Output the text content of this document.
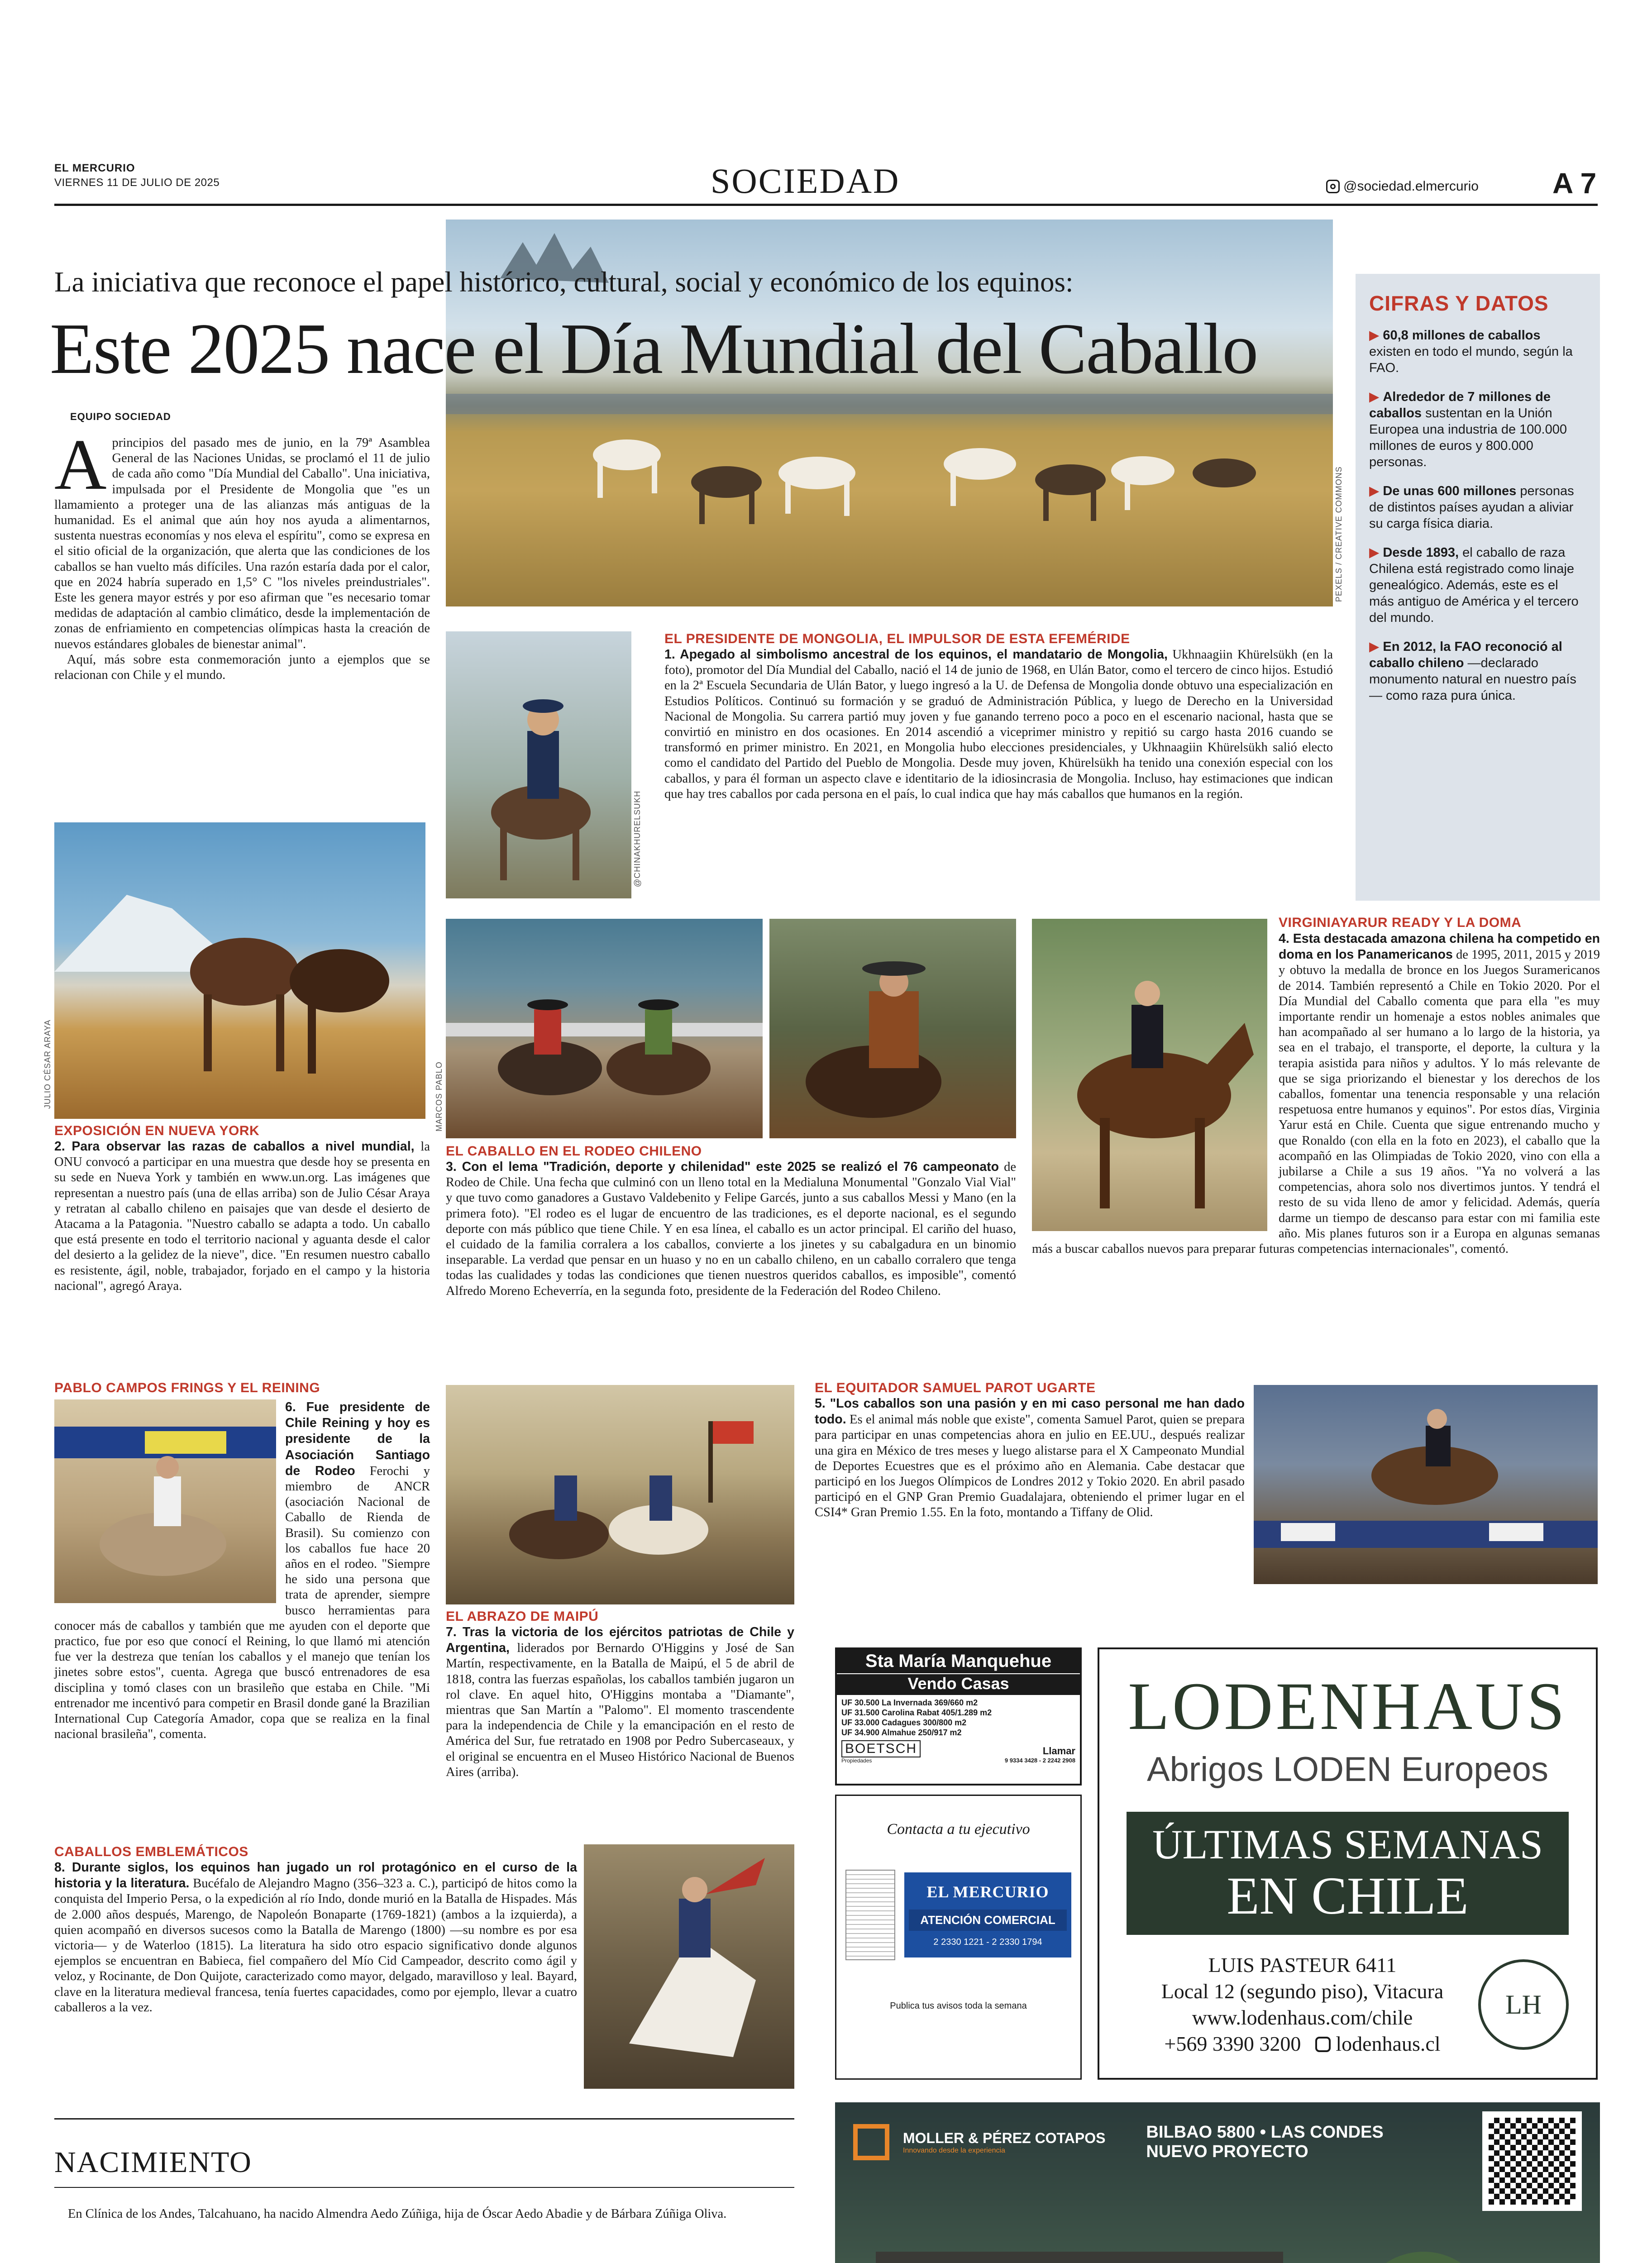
EL MERCURIO
VIERNES 11 DE JULIO DE 2025	SOCIEDAD	@sociedad.elmercurio	A 7
La iniciativa que reconoce el papel histórico, cultural, social y económico de los equinos:
Este 2025 nace el Día Mundial del Caballo
PEXELS / CREATIVE COMMONS
EQUIPO SOCIEDAD
Aprincipios del pasado mes de junio, en la 79ª Asamblea General de las Naciones Unidas, se proclamó el 11 de julio de cada año como "Día Mundial del Caballo". Una iniciativa, impulsada por el Presidente de Mongolia que "es un llamamiento a proteger una de las alianzas más antiguas de la humanidad. Es el animal que aún hoy nos ayuda a alimentarnos, sustenta nuestras economías y nos eleva el espíritu", como se expresa en el sitio oficial de la organización, que alerta que las condiciones de los caballos se han vuelto más difíciles. Una razón estaría dada por el calor, que en 2024 habría superado en 1,5° C "los niveles preindustriales". Este les genera mayor estrés y por eso afirman que "es necesario tomar medidas de adaptación al cambio climático, desde la implementación de zonas de enfriamiento en competencias olímpicas hasta la creación de nuevos estándares globales de bienestar animal".
Aquí, más sobre esta conmemoración junto a ejemplos que se relacionan con Chile y el mundo.
CIFRAS Y DATOS
▶ 60,8 millones de caballos existen en todo el mundo, según la FAO.
▶ Alrededor de 7 millones de caballos sustentan en la Unión Europea una industria de 100.000 millones de euros y 800.000 personas.
▶ De unas 600 millones personas de distintos países ayudan a aliviar su carga física diaria.
▶ Desde 1893, el caballo de raza Chilena está registrado como linaje genealógico. Además, este es el más antiguo de América y el tercero del mundo.
▶ En 2012, la FAO reconoció al caballo chileno —declarado monumento natural en nuestro país— como raza pura única.
@CHINAKHURELSUKH
EL PRESIDENTE DE MONGOLIA, EL IMPULSOR DE ESTA EFEMÉRIDE
1. Apegado al simbolismo ancestral de los equinos, el mandatario de Mongolia, Ukhnaagiin Khürelsükh (en la foto), promotor del Día Mundial del Caballo, nació el 14 de junio de 1968, en Ulán Bator, como el tercero de cinco hijos. Estudió en la 2ª Escuela Secundaria de Ulán Bator, y luego ingresó a la U. de Defensa de Mongolia donde obtuvo una especialización en Estudios Políticos. Continuó su formación y se graduó de Administración Pública, y luego de Derecho en la Universidad Nacional de Mongolia. Su carrera partió muy joven y fue ganando terreno poco a poco en el escenario nacional, hasta que se convirtió en ministro en dos ocasiones. En 2014 ascendió a viceprimer ministro y repitió su cargo hasta 2016 cuando se transformó en primer ministro. En 2021, en Mongolia hubo elecciones presidenciales, y Ukhnaagiin Khürelsükh salió electo como el candidato del Partido del Pueblo de Mongolia. Desde muy joven, Khürelsükh ha tenido una conexión especial con los caballos, y para él forman un aspecto clave e identitario de la idiosincrasia de Mongolia. Incluso, hay estimaciones que indican que hay tres caballos por cada persona en el país, lo cual indica que hay más caballos que humanos en la región.
JULIO CÉSAR ARAYA
EXPOSICIÓN EN NUEVA YORK
2. Para observar las razas de caballos a nivel mundial, la ONU convocó a participar en una muestra que desde hoy se presenta en su sede en Nueva York y también en www.un.org. Las imágenes que representan a nuestro país (una de ellas arriba) son de Julio César Araya y retratan al caballo chileno en paisajes que van desde el desierto de Atacama a la Patagonia. "Nuestro caballo se adapta a todo. Un caballo que está presente en todo el territorio nacional y aguanta desde el calor del desierto a la gelidez de la nieve", dice. "En resumen nuestro caballo es resistente, ágil, noble, trabajador, forjado en el campo y la historia nacional", agregó Araya.
MARCOS PABLO
EL CABALLO EN EL RODEO CHILENO
3. Con el lema "Tradición, deporte y chilenidad" este 2025 se realizó el 76 campeonato de Rodeo de Chile. Una fecha que culminó con un lleno total en la Medialuna Monumental "Gonzalo Vial Vial" y que tuvo como ganadores a Gustavo Valdebenito y Felipe Garcés, junto a sus caballos Messi y Mano (en la primera foto). "El rodeo es el lugar de encuentro de las tradiciones, es el deporte nacional, es el segundo deporte con más público que tiene Chile. Y en esa línea, el caballo es un actor principal. El cariño del huaso, el cuidado de la familia corralera a los caballos, convierte a los jinetes y su cabalgadura en un binomio inseparable. La verdad que pensar en un huaso y no en un caballo chileno, en un caballo corralero que tenga todas las cualidades y todas las condiciones que tienen nuestros queridos caballos, es imposible", comentó Alfredo Moreno Echeverría, en la segunda foto, presidente de la Federación del Rodeo Chileno.
VIRGINIAYARUR READY Y LA DOMA
4. Esta destacada amazona chilena ha competido en doma en los Panamericanos de 1995, 2011, 2015 y 2019 y obtuvo la medalla de bronce en los Juegos Suramericanos de 2014. También representó a Chile en Tokio 2020. Por el Día Mundial del Caballo comenta que para ella "es muy importante rendir un homenaje a estos nobles animales que han acompañado al ser humano a lo largo de la historia, ya sea en el trabajo, el transporte, el deporte, la cultura y la terapia asistida para niños y adultos. Y lo más relevante de que se siga priorizando el bienestar y los derechos de los caballos, fomentar una tenencia responsable y una relación respetuosa entre humanos y equinos". Por estos días, Virginia Yarur está en Chile. Cuenta que sigue entrenando mucho y que Ronaldo (con ella en la foto en 2023), el caballo que la acompañó en las Olimpiadas de Tokio 2020, vino con ella a jubilarse a Chile a sus 19 años. "Ya no volverá a las competencias, ahora solo nos divertimos juntos. Y tendrá el resto de su vida lleno de amor y felicidad. Además, quería darme un tiempo de descanso para estar con mi familia este año. Mis planes futuros son ir a Europa en algunas semanas más a buscar caballos nuevos para preparar futuras competencias internacionales", comentó.
PABLO CAMPOS FRINGS Y EL REINING
6. Fue presidente de Chile Reining y hoy es presidente de la Asociación Santiago de Rodeo Ferochi y miembro de ANCR (asociación Nacional de Caballo de Rienda de Brasil). Su comienzo con los caballos fue hace 20 años en el rodeo. "Siempre he sido una persona que trata de aprender, siempre busco herramientas para conocer más de caballos y también que me ayuden con el deporte que practico, fue por eso que conocí el Reining, lo que llamó mi atención fue ver la destreza que tenían los caballos y el manejo que tenían los jinetes sobre estos", cuenta. Agrega que buscó entrenadores de esa disciplina y tomó clases con un brasileño que estaba en Chile. "Mi entrenador me incentivó para competir en Brasil donde gané la Brazilian International Cup Categoría Amador, copa que se realiza en la final nacional brasileña", comenta.
EL ABRAZO DE MAIPÚ
7. Tras la victoria de los ejércitos patriotas de Chile y Argentina, liderados por Bernardo O'Higgins y José de San Martín, respectivamente, en la Batalla de Maipú, el 5 de abril de 1818, contra las fuerzas españolas, los caballos también jugaron un rol clave. En aquel hito, O'Higgins montaba a "Diamante", mientras que San Martín a "Palomo". El momento trascendente para la independencia de Chile y la emancipación en el resto de América del Sur, fue retratado en 1908 por Pedro Subercaseaux, y el original se encuentra en el Museo Histórico Nacional de Buenos Aires (arriba).
EL EQUITADOR SAMUEL PAROT UGARTE
5. "Los caballos son una pasión y en mi caso personal me han dado todo. Es el animal más noble que existe", comenta Samuel Parot, quien se prepara para participar en unas competencias ahora en julio en EE.UU., después realizar una gira en México de tres meses y luego alistarse para el X Campeonato Mundial de Deportes Ecuestres que es el próximo año en Alemania. Cabe destacar que participó en los Juegos Olímpicos de Londres 2012 y Tokio 2020. En abril pasado participó en el GNP Gran Premio Guadalajara, obteniendo el primer lugar en el CSI4* Gran Premio 1.55. En la foto, montando a Tiffany de Olid.
CABALLOS EMBLEMÁTICOS
8. Durante siglos, los equinos han jugado un rol protagónico en el curso de la historia y la literatura. Bucéfalo de Alejandro Magno (356–323 a. C.), participó de hitos como la conquista del Imperio Persa, o la expedición al río Indo, donde murió en la Batalla de Hispades. Más de 2.000 años después, Marengo, de Napoleón Bonaparte (1769-1821) (ambos a la izquierda), a quien acompañó en diversos sucesos como la Batalla de Marengo (1800) —su nombre es por esa victoria— y de Waterloo (1815). La literatura ha sido otro espacio significativo donde algunos ejemplos se encuentran en Babieca, fiel compañero del Mío Cid Campeador, descrito como ágil y veloz, y Rocinante, de Don Quijote, caracterizado como mayor, delgado, maravilloso y leal. Bayard, clave en la literatura medieval francesa, tenía fuertes capacidades, como por ejemplo, llevar a cuatro caballeros a la vez.
NACIMIENTO
En Clínica de los Andes, Talcahuano, ha nacido Almendra Aedo Zúñiga, hija de Óscar Aedo Abadie y de Bárbara Zúñiga Oliva.
Sta María Manquehue
Vendo Casas
UF 30.500 La Invernada 369/660 m2
UF 31.500 Carolina Rabat 405/1.289 m2
UF 33.000 Cadagues 300/800 m2
UF 34.900 Almahue 250/917 m2
BOETSCH
Propiedades
Llamar
9 9334 3428 - 2 2242 2908
Contacta a tu ejecutivo
EL MERCURIO
ATENCIÓN COMERCIAL
2 2330 1221 - 2 2330 1794
Publica tus avisos toda la semana
LODENHAUS
Abrigos LODEN Europeos
ÚLTIMAS SEMANAS
EN CHILE
LUIS PASTEUR 6411
Local 12 (segundo piso), Vitacura
www.lodenhaus.com/chile
+569 3390 3200 lodenhaus.cl
LH
MOLLER & PÉREZ COTAPOS
Innovando desde la experiencia
BILBAO 5800 • LAS CONDES
NUEVO PROYECTO
